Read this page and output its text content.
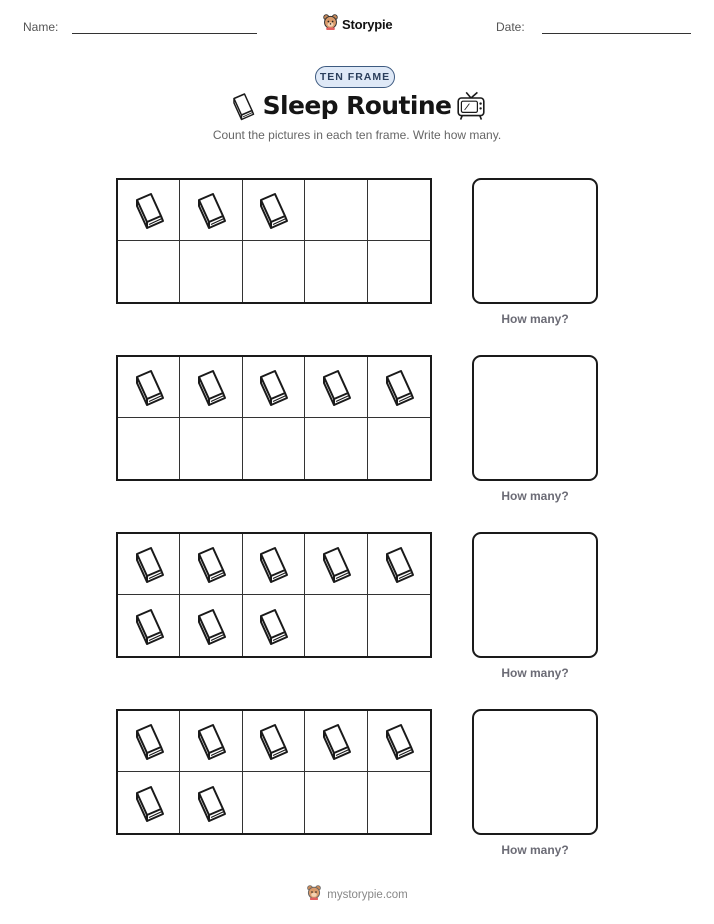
Name:	Storypie	Date:
TEN FRAME
Sleep Routine
Count the pictures in each ten frame. Write how many.
How many?
How many?
How many?
How many?
mystorypie.com
